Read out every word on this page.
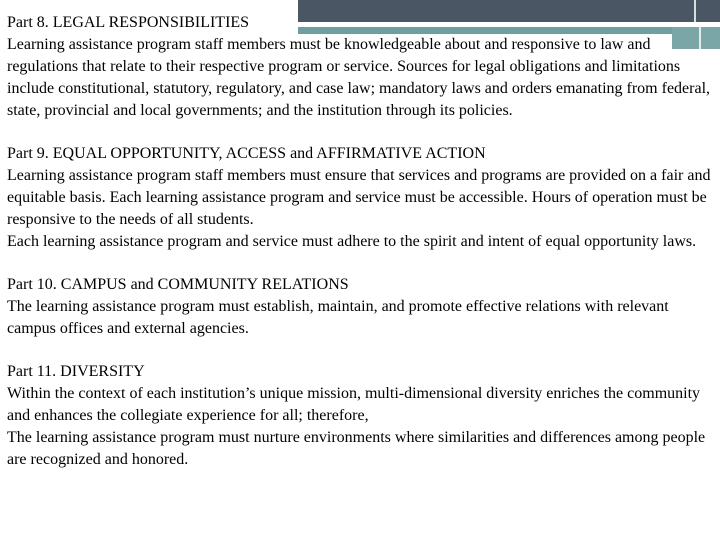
Part 8. LEGAL RESPONSIBILITIES
Learning assistance program staff members must be knowledgeable about and responsive to law and regulations that relate to their respective program or service. Sources for legal obligations and limitations include constitutional, statutory, regulatory, and case law; mandatory laws and orders emanating from federal, state, provincial and local governments; and the institution through its policies.
Part 9. EQUAL OPPORTUNITY, ACCESS and AFFIRMATIVE ACTION
Learning assistance program staff members must ensure that services and programs are provided on a fair and equitable basis. Each learning assistance program and service must be accessible. Hours of operation must be responsive to the needs of all students.
Each learning assistance program and service must adhere to the spirit and intent of equal opportunity laws.
Part 10. CAMPUS and COMMUNITY RELATIONS
The learning assistance program must establish, maintain, and promote effective relations with relevant campus offices and external agencies.
Part 11. DIVERSITY
Within the context of each institution’s unique mission, multi-dimensional diversity enriches the community and enhances the collegiate experience for all; therefore,
The learning assistance program must nurture environments where similarities and differences among people are recognized and honored.
